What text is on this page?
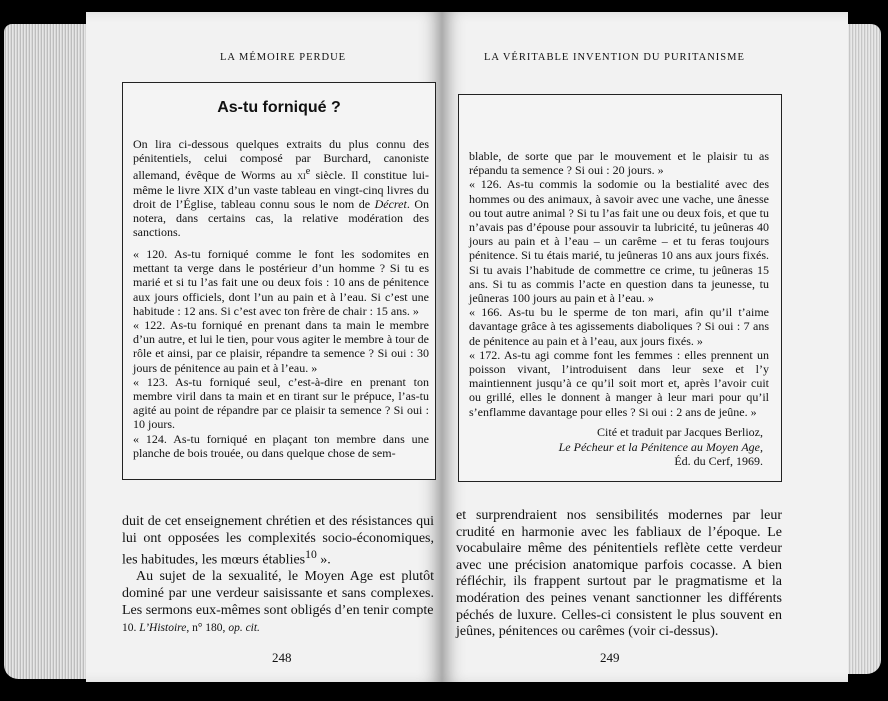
LA MÉMOIRE PERDUE
As-tu forniqué ?
On lira ci-dessous quelques extraits du plus connu des pénitentiels, celui composé par Burchard, canoniste allemand, évêque de Worms au $xi^e$ siècle. Il constitue lui-même le livre XIX d’un vaste tableau en vingt-cinq livres du droit de l’Église, tableau connu sous le nom de Décret. On notera, dans certains cas, la relative modération des sanctions.
« 120. As-tu forniqué comme le font les sodomites en mettant ta verge dans le postérieur d’un homme ? Si tu es marié et si tu l’as fait une ou deux fois : 10 ans de pénitence aux jours officiels, dont l’un au pain et à l’eau. Si c’est une habitude : 12 ans. Si c’est avec ton frère de chair : 15 ans. »
« 122. As-tu forniqué en prenant dans ta main le membre d’un autre, et lui le tien, pour vous agiter le membre à tour de rôle et ainsi, par ce plaisir, répandre ta semence ? Si oui : 30 jours de pénitence au pain et à l’eau. »
« 123. As-tu forniqué seul, c’est-à-dire en prenant ton membre viril dans ta main et en tirant sur le prépuce, l’as-tu agité au point de répandre par ce plaisir ta semence ? Si oui : 10 jours.
« 124. As-tu forniqué en plaçant ton membre dans une planche de bois trouée, ou dans quelque chose de sem-

duit de cet enseignement chrétien et des résistances qui lui ont opposées les complexités socio-économiques, les habitudes, les mœurs établies$^{10}$ ».

Au sujet de la sexualité, le Moyen Age est plutôt dominé par une verdeur saisissante et sans complexes. Les sermons eux-mêmes sont obligés d’en tenir compte

10. L’Histoire, n° 180, op. cit.
248
LA VÉRITABLE INVENTION DU PURITANISME
blable, de sorte que par le mouvement et le plaisir tu as répandu ta semence ? Si oui : 20 jours. »
« 126. As-tu commis la sodomie ou la bestialité avec des hommes ou des animaux, à savoir avec une vache, une ânesse ou tout autre animal ? Si tu l’as fait une ou deux fois, et que tu n’avais pas d’épouse pour assouvir ta lubricité, tu jeûneras 40 jours au pain et à l’eau – un carême – et tu feras toujours pénitence. Si tu étais marié, tu jeûneras 10 ans aux jours fixés. Si tu avais l’habitude de commettre ce crime, tu jeûneras 15 ans. Si tu as commis l’acte en question dans ta jeunesse, tu jeûneras 100 jours au pain et à l’eau. »
« 166. As-tu bu le sperme de ton mari, afin qu’il t’aime davantage grâce à tes agissements diaboliques ? Si oui : 7 ans de pénitence au pain et à l’eau, aux jours fixés. »
« 172. As-tu agi comme font les femmes : elles prennent un poisson vivant, l’introduisent dans leur sexe et l’y maintiennent jusqu’à ce qu’il soit mort et, après l’avoir cuit ou grillé, elles le donnent à manger à leur mari pour qu’il s’enflamme davantage pour elles ? Si oui : 2 ans de jeûne. »
Cité et traduit par Jacques Berlioz,
Le Pécheur et la Pénitence au Moyen Age,
Éd. du Cerf, 1969.

et surprendraient nos sensibilités modernes par leur crudité en harmonie avec les fabliaux de l’époque. Le vocabulaire même des pénitentiels reflète cette verdeur avec une précision anatomique parfois cocasse. A bien réfléchir, ils frappent surtout par le pragmatisme et la modération des peines venant sanctionner les différents péchés de luxure. Celles-ci consistent le plus souvent en jeûnes, pénitences ou carêmes (voir ci-dessus).

249
